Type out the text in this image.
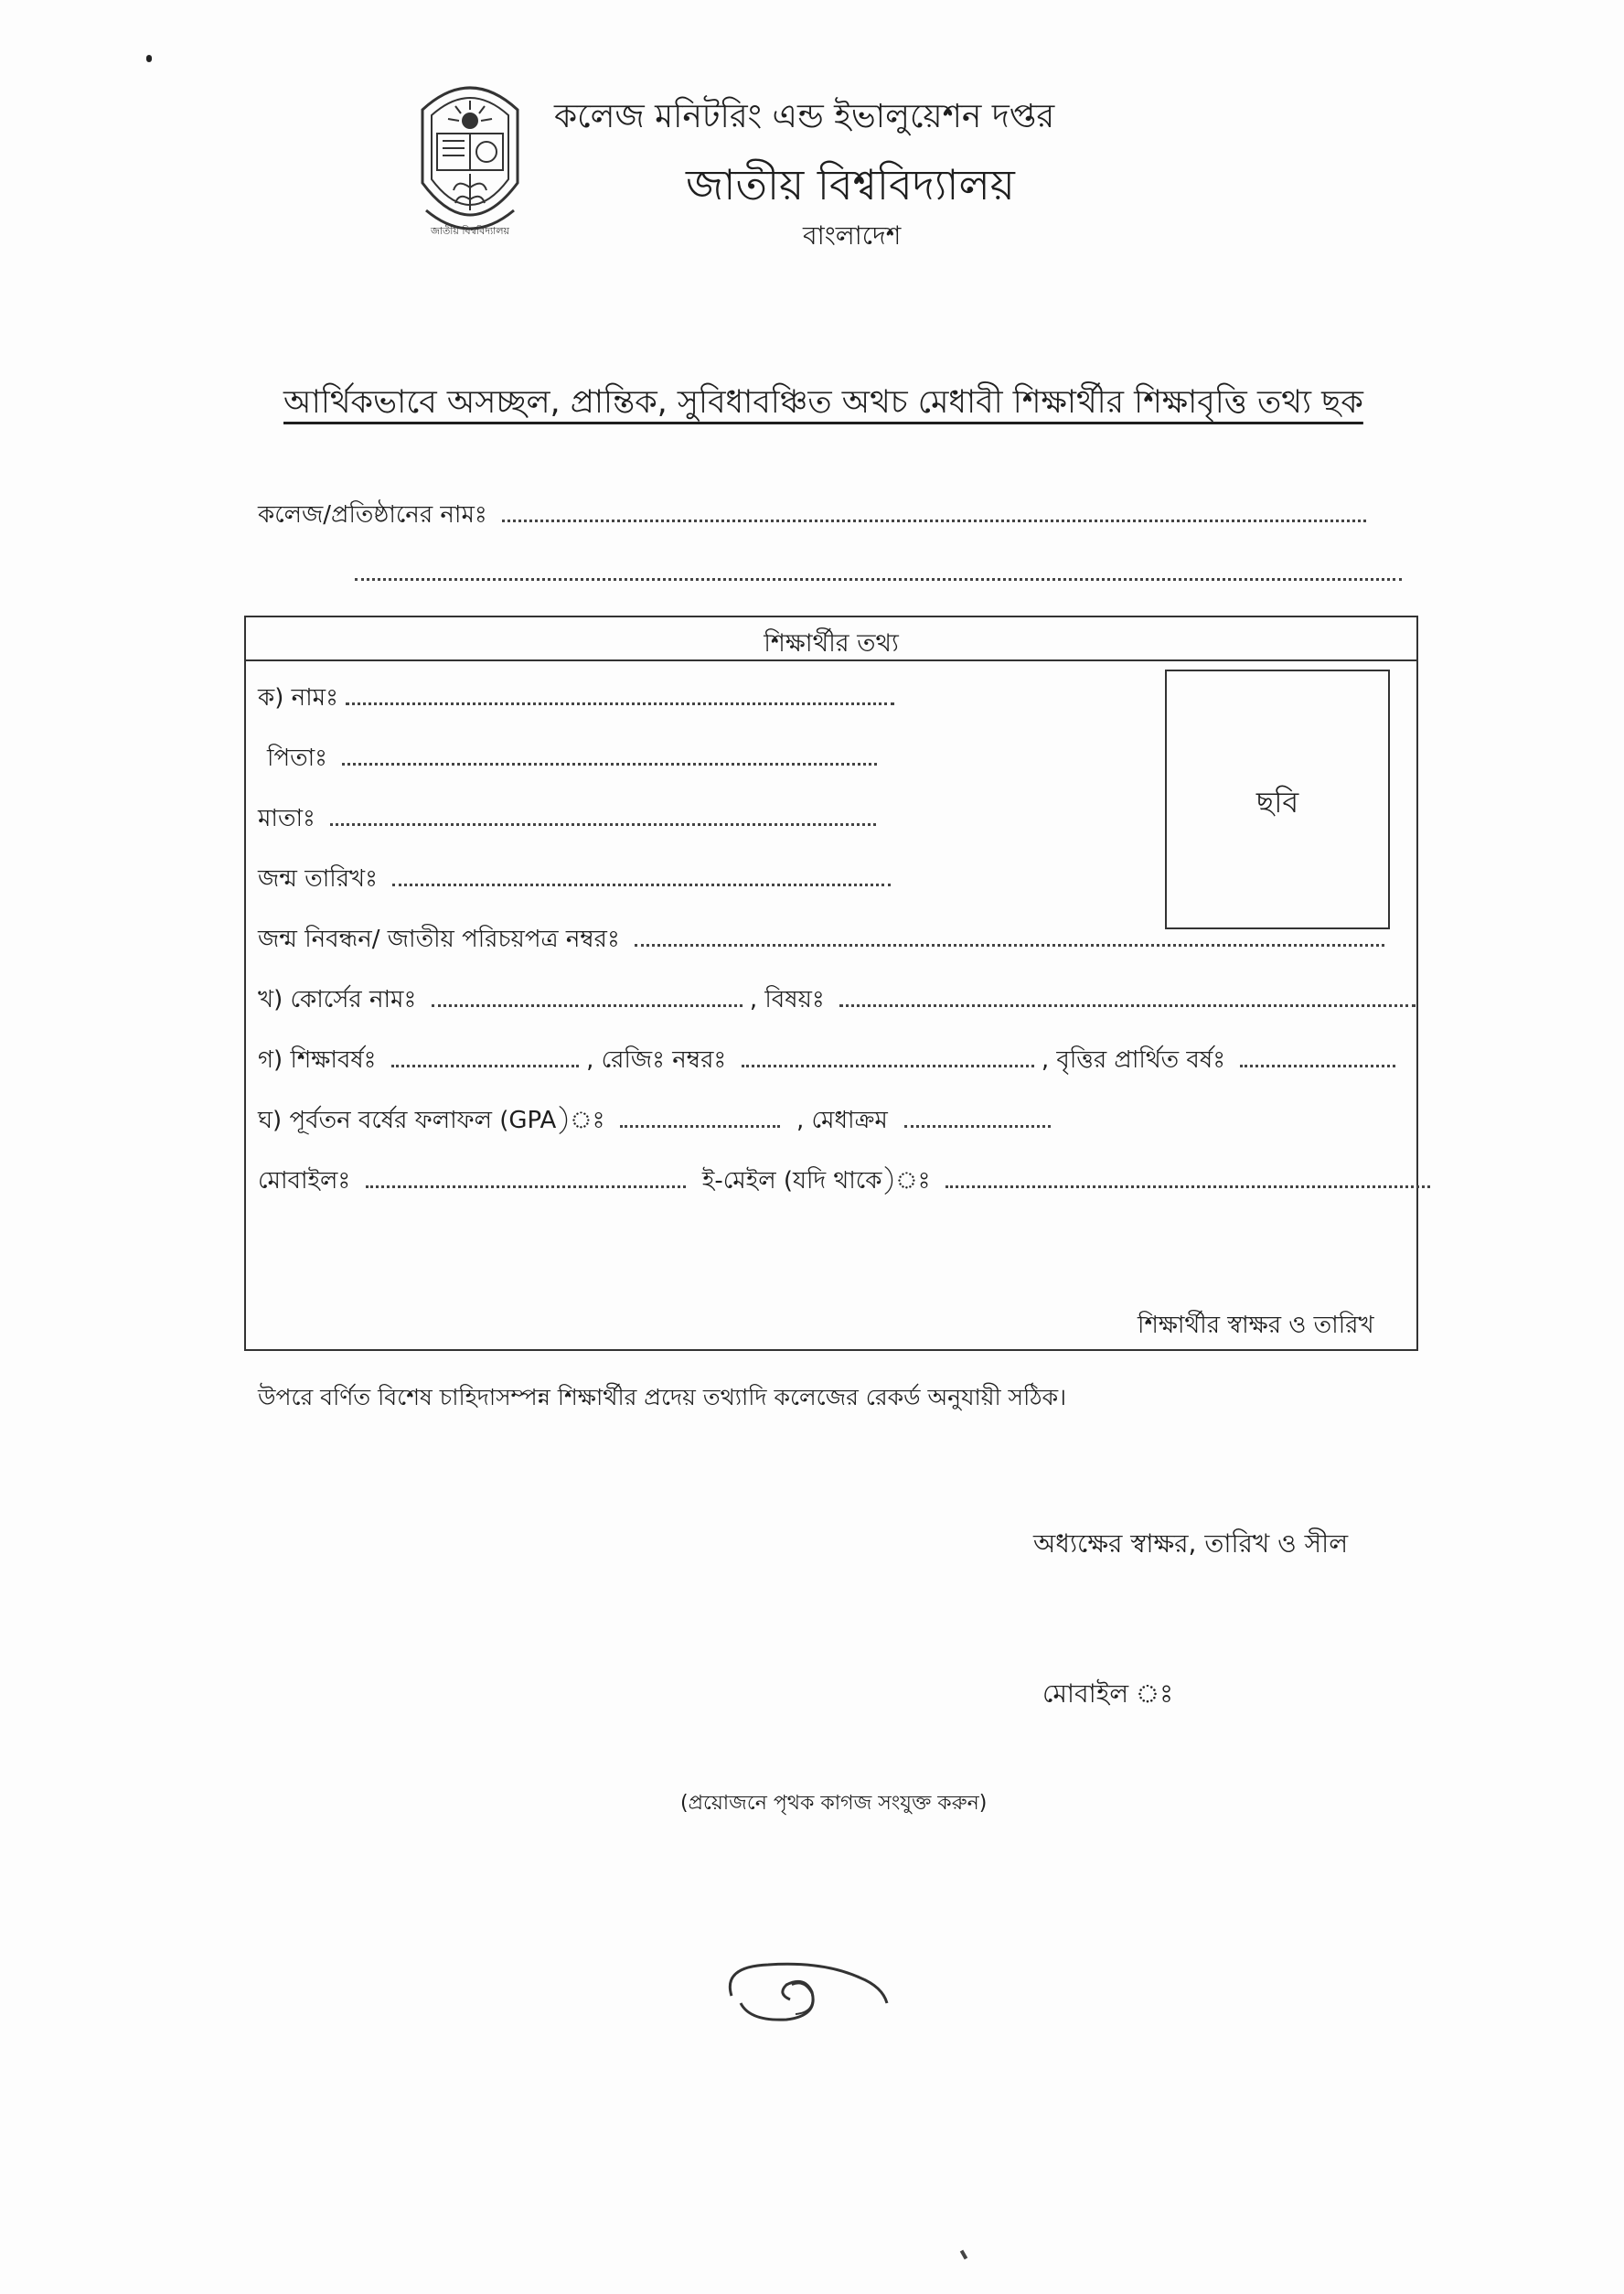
জাতীয় বিশ্ববিদ্যালয়
কলেজ মনিটরিং এন্ড ইভালুয়েশন দপ্তর
জাতীয় বিশ্ববিদ্যালয়
বাংলাদেশ
আর্থিকভাবে অসচ্ছল, প্রান্তিক, সুবিধাবঞ্চিত অথচ মেধাবী শিক্ষার্থীর শিক্ষাবৃত্তি তথ্য ছক
কলেজ/প্রতিষ্ঠানের নামঃ
শিক্ষার্থীর তথ্য
ছবি
ক) নামঃ
পিতাঃ
মাতাঃ
জন্ম তারিখঃ
জন্ম নিবন্ধন/ জাতীয় পরিচয়পত্র নম্বরঃ
খ) কোর্সের নামঃ	, বিষয়ঃ
গ) শিক্ষাবর্ষঃ	, রেজিঃ নম্বরঃ	, বৃত্তির প্রার্থিত বর্ষঃ
ঘ) পূর্বতন বর্ষের ফলাফল (GPA)ঃ	, মেধাক্রম
মোবাইলঃ	ই-মেইল (যদি থাকে)ঃ
শিক্ষার্থীর স্বাক্ষর ও তারিখ
উপরে বর্ণিত বিশেষ চাহিদাসম্পন্ন শিক্ষার্থীর প্রদেয় তথ্যাদি কলেজের রেকর্ড অনুযায়ী সঠিক।
অধ্যক্ষের স্বাক্ষর, তারিখ ও সীল
মোবাইল ঃ
(প্রয়োজনে পৃথক কাগজ সংযুক্ত করুন)
